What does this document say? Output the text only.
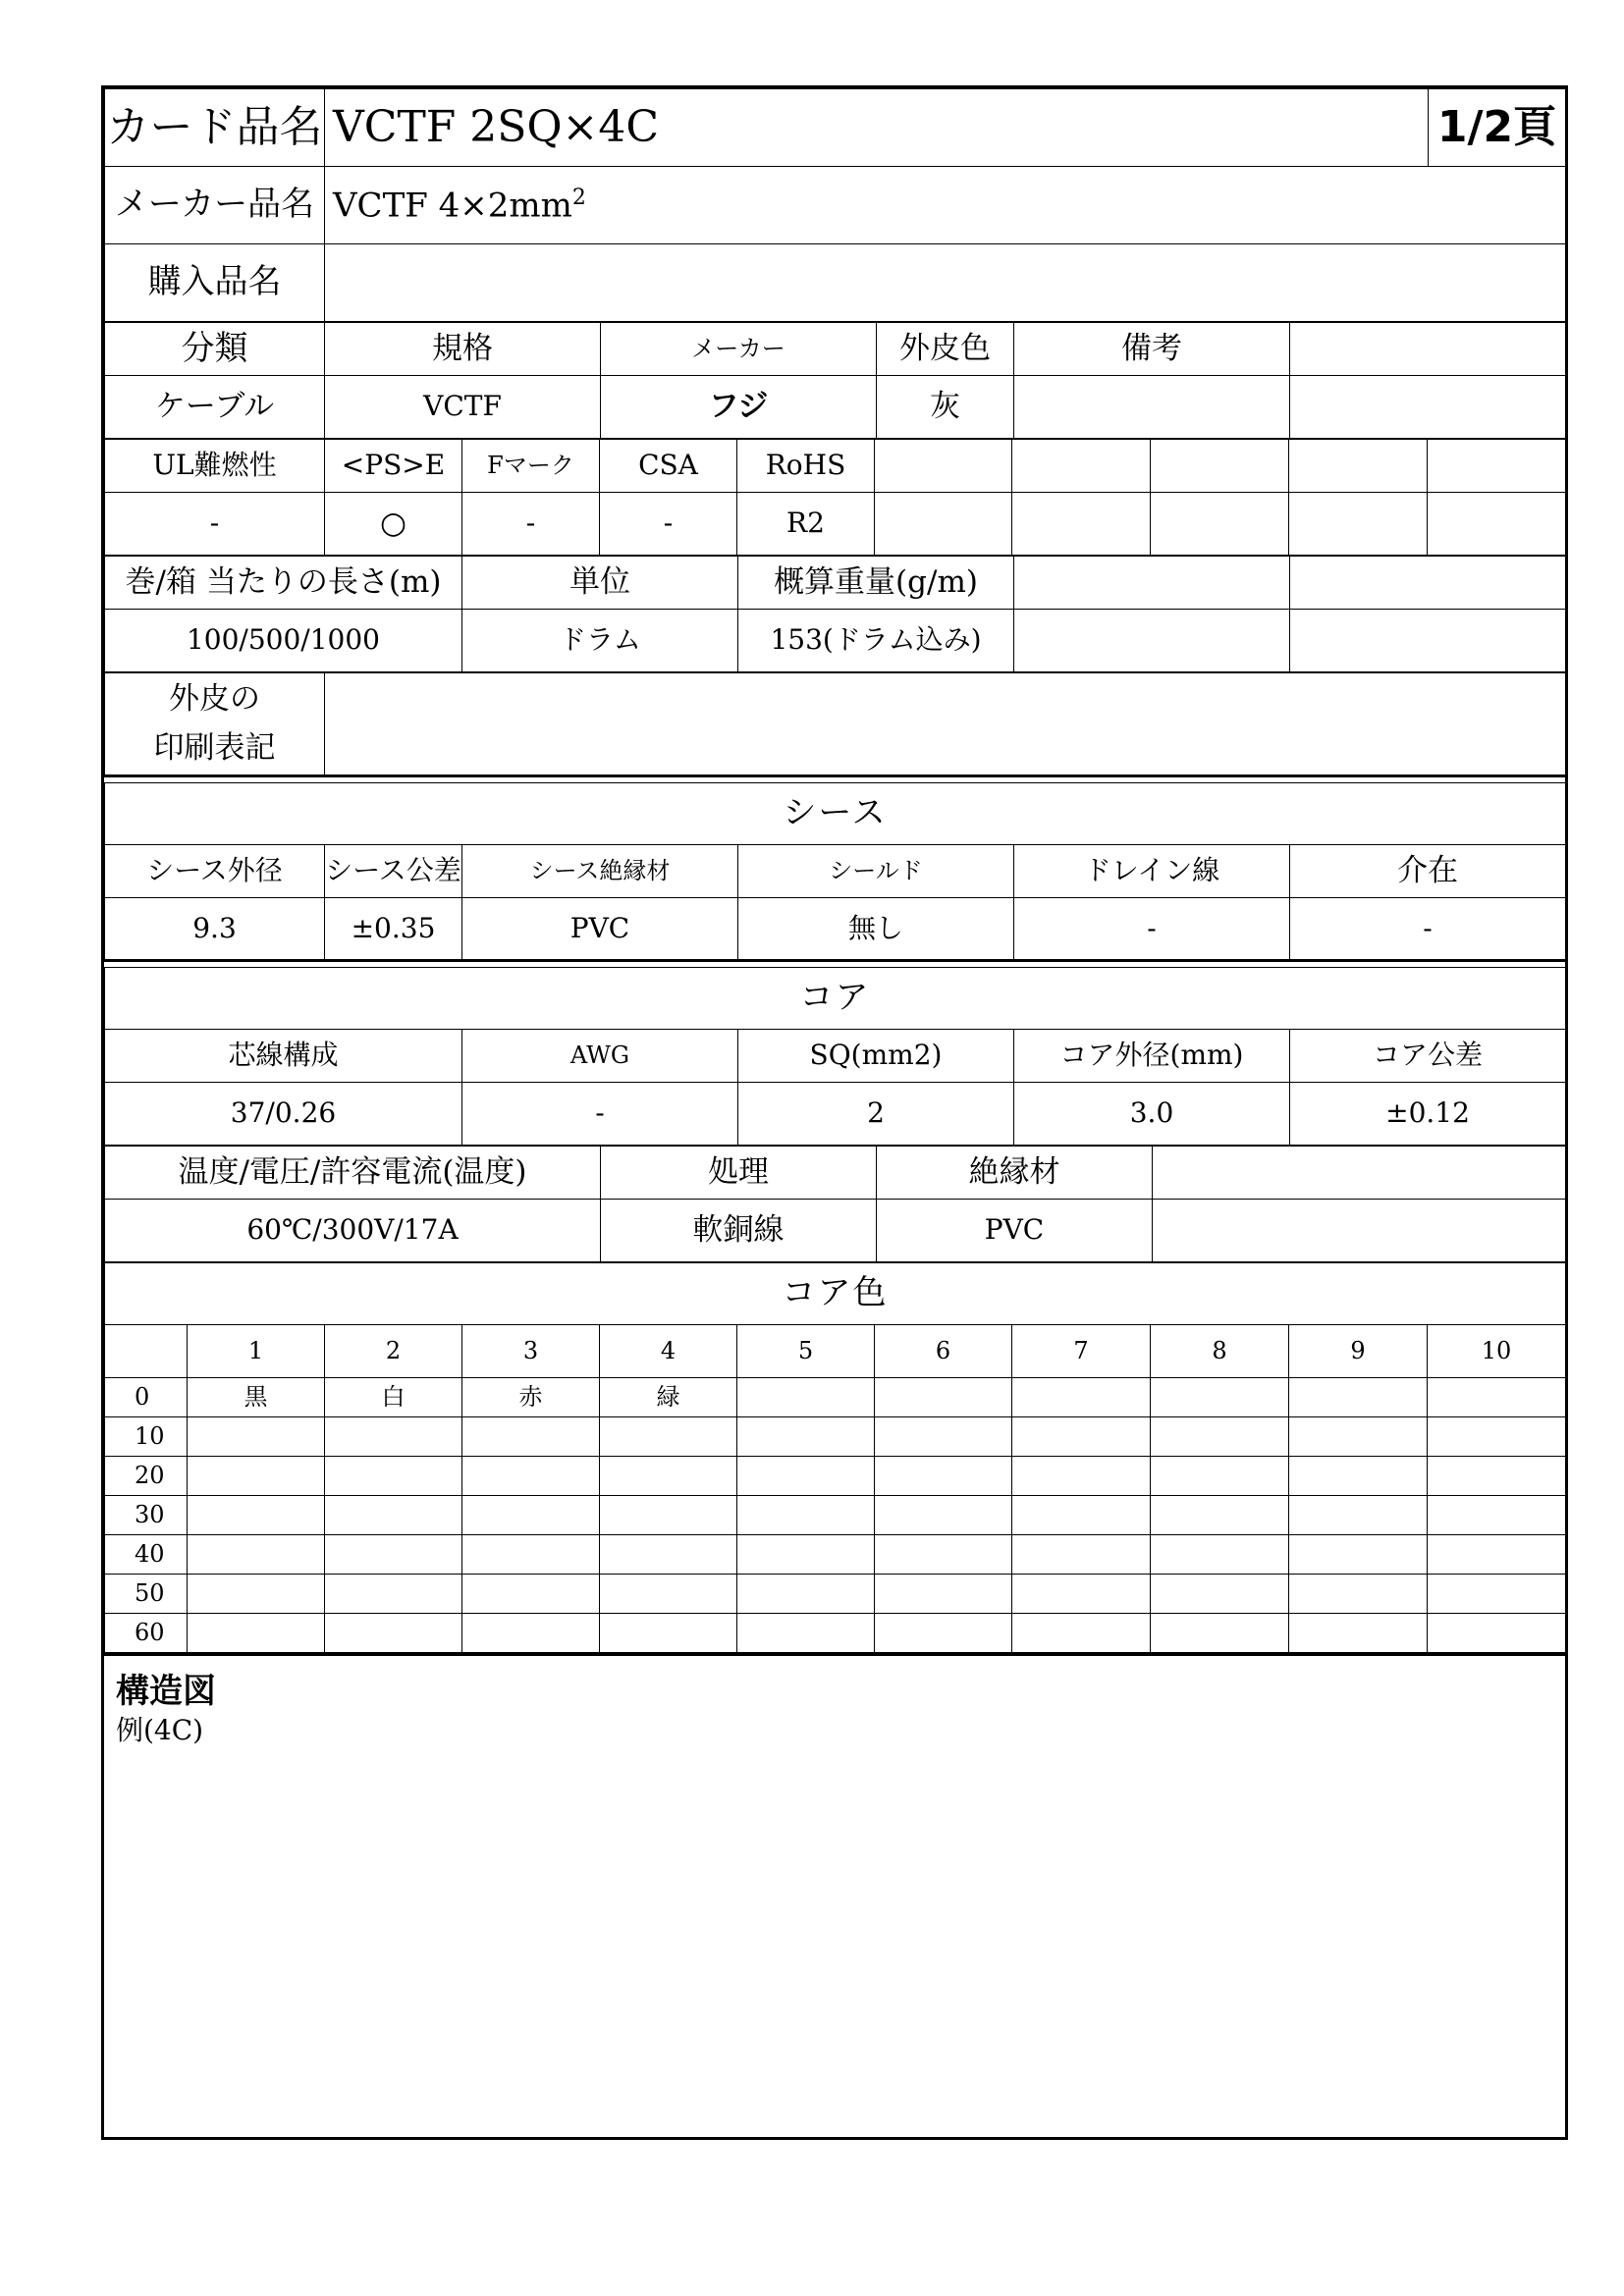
カード品名	VCTF 2SQ×4C	1/2頁
メーカー品名	VCTF $4\times 2mm^2$
購入品名		
分類	規格	メーカー	外皮色	備考	
ケーブル	VCTF	フジ	灰		
UL難燃性	<PS>E	Fマーク	CSA	RoHS					
-	○	-	-	R2					
巻/箱 当たりの長さ(m)	単位	概算重量(g/m)		
100/500/1000	ドラム	153(ドラム込み)		
外皮の
印刷表記	
シース					
シース外径	シース公差	シース絶縁材	シールド	ドレイン線	介在
9.3	±0.35	PVC	無し	-	-
コア				
芯線構成	AWG	SQ(mm2)	コア外径(mm)	コア公差
37/0.26	-	2	3.0	±0.12
温度/電圧/許容電流(温度)	処理	絶縁材	
60℃/300V/17A	軟銅線	PVC	
コア色										
	1	2	3	4	5	6	7	8	9	10
0	黒	白	赤	緑						
10										
20										
30										
40										
50										
60										
構造図
例(4C)
